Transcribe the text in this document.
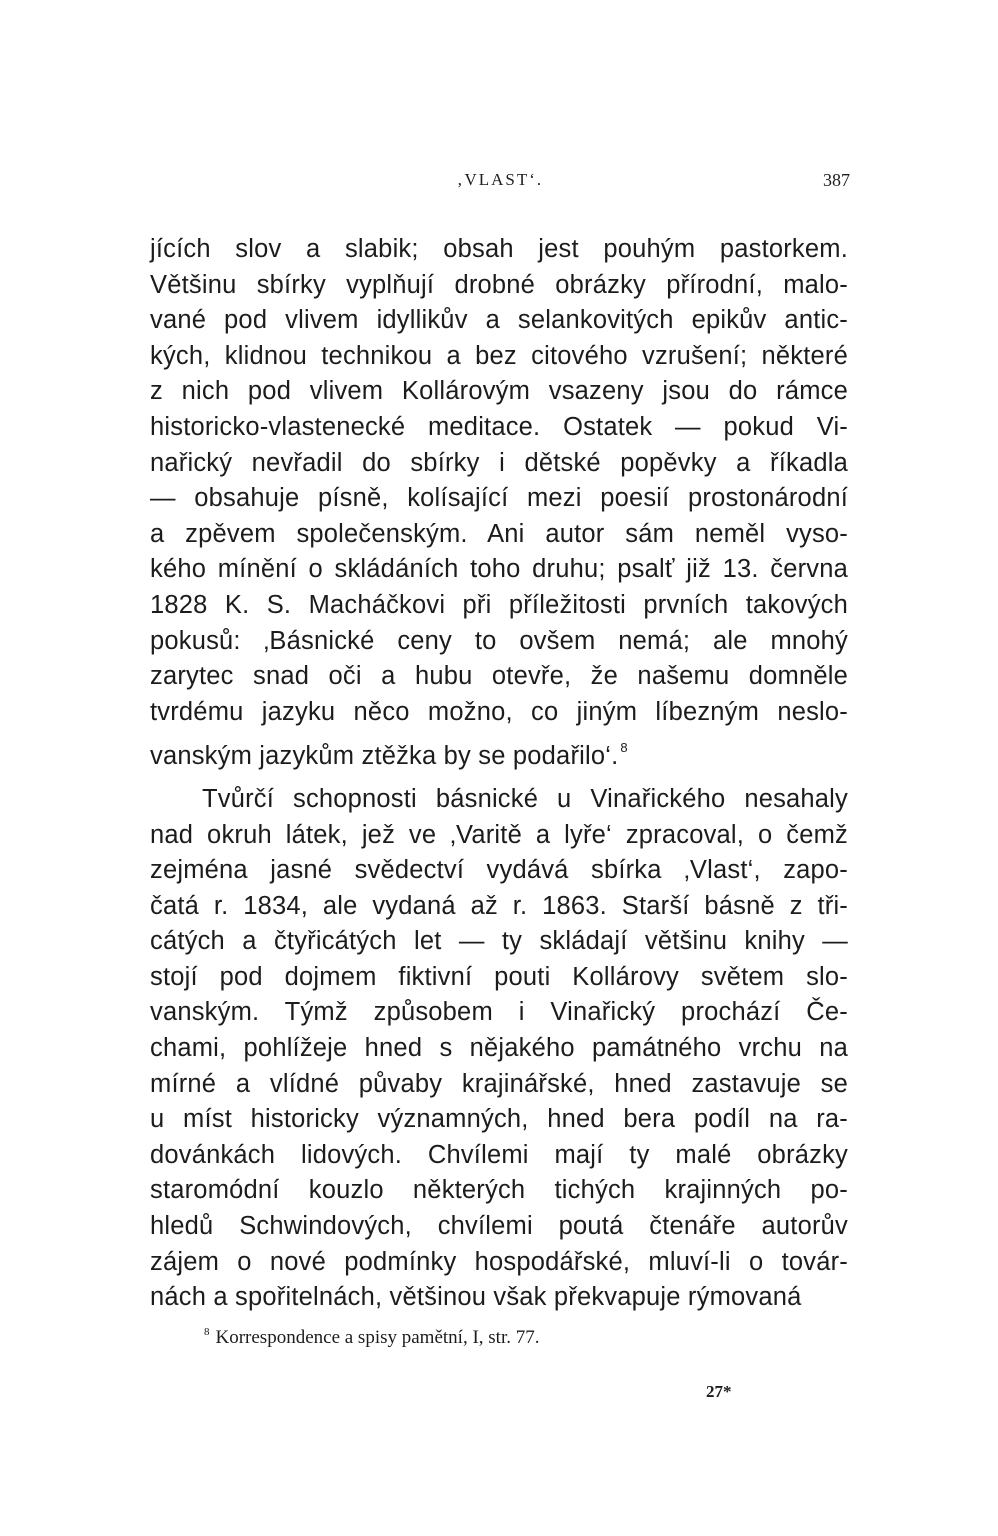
‚VLAST‘.	387
jících slov a slabik; obsah jest pouhým pastorkem.
Většinu sbírky vyplňují drobné obrázky přírodní, malo-
vané pod vlivem idyllikův a selankovitých epikův antic-
kých, klidnou technikou a bez citového vzrušení; některé
z nich pod vlivem Kollárovým vsazeny jsou do rámce
historicko-vlastenecké meditace. Ostatek — pokud Vi-
nařický nevřadil do sbírky i dětské popěvky a říkadla
— obsahuje písně, kolísající mezi poesií prostonárodní
a zpěvem společenským. Ani autor sám neměl vyso-
kého mínění o skládáních toho druhu; psalť již 13. června
1828 K. S. Macháčkovi při příležitosti prvních takových
pokusů: ‚Básnické ceny to ovšem nemá; ale mnohý
zarytec snad oči a hubu otevře, že našemu domněle
tvrdému jazyku něco možno, co jiným líbezným neslo-
vanským jazykům ztěžka by se podařilo‘. $^8$
Tvůrčí schopnosti básnické u Vinařického nesahaly
nad okruh látek, jež ve ‚Varitě a lyře‘ zpracoval, o čemž
zejména jasné svědectví vydává sbírka ‚Vlast‘, zapo-
čatá r. 1834, ale vydaná až r. 1863. Starší básně z tři-
cátých a čtyřicátých let — ty skládají většinu knihy —
stojí pod dojmem fiktivní pouti Kollárovy světem slo-
vanským. Týmž způsobem i Vinařický prochází Če-
chami, pohlížeje hned s nějakého památného vrchu na
mírné a vlídné půvaby krajinářské, hned zastavuje se
u míst historicky významných, hned bera podíl na ra-
dovánkách lidových. Chvílemi mají ty malé obrázky
staromódní kouzlo některých tichých krajinných po-
hledů Schwindových, chvílemi poutá čtenáře autorův
zájem o nové podmínky hospodářské, mluví-li o továr-
nách a spořitelnách, většinou však překvapuje rýmovaná
$^8$ Korrespondence a spisy pamětní, I, str. 77.
27*
